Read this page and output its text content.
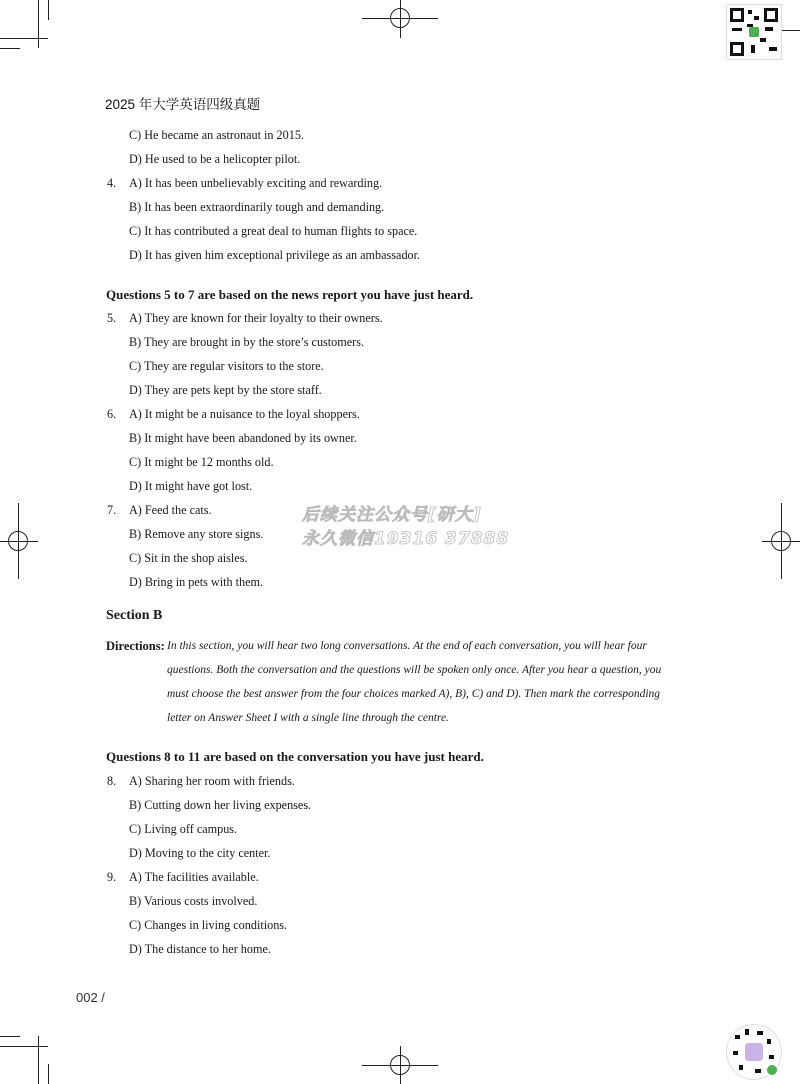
2025 年大学英语四级真题
C) He became an astronaut in 2015.
D) He used to be a helicopter pilot.
4. A) It has been unbelievably exciting and rewarding.
B) It has been extraordinarily tough and demanding.
C) It has contributed a great deal to human flights to space.
D) It has given him exceptional privilege as an ambassador.
Questions 5 to 7 are based on the news report you have just heard.
5. A) They are known for their loyalty to their owners.
B) They are brought in by the store’s customers.
C) They are regular visitors to the store.
D) They are pets kept by the store staff.
6. A) It might be a nuisance to the loyal shoppers.
B) It might have been abandoned by its owner.
C) It might be 12 months old.
D) It might have got lost.
7. A) Feed the cats.
B) Remove any store signs.
C) Sit in the shop aisles.
D) Bring in pets with them.
后续关注公众号[研大]
永久微信19316 37888
Section B
Directions: In this section, you will hear two long conversations. At the end of each conversation, you will hear four
questions. Both the conversation and the questions will be spoken only once. After you hear a question, you
must choose the best answer from the four choices marked A), B), C) and D). Then mark the corresponding
letter on Answer Sheet I with a single line through the centre.
Questions 8 to 11 are based on the conversation you have just heard.
8. A) Sharing her room with friends.
B) Cutting down her living expenses.
C) Living off campus.
D) Moving to the city center.
9. A) The facilities available.
B) Various costs involved.
C) Changes in living conditions.
D) The distance to her home.
002 /
